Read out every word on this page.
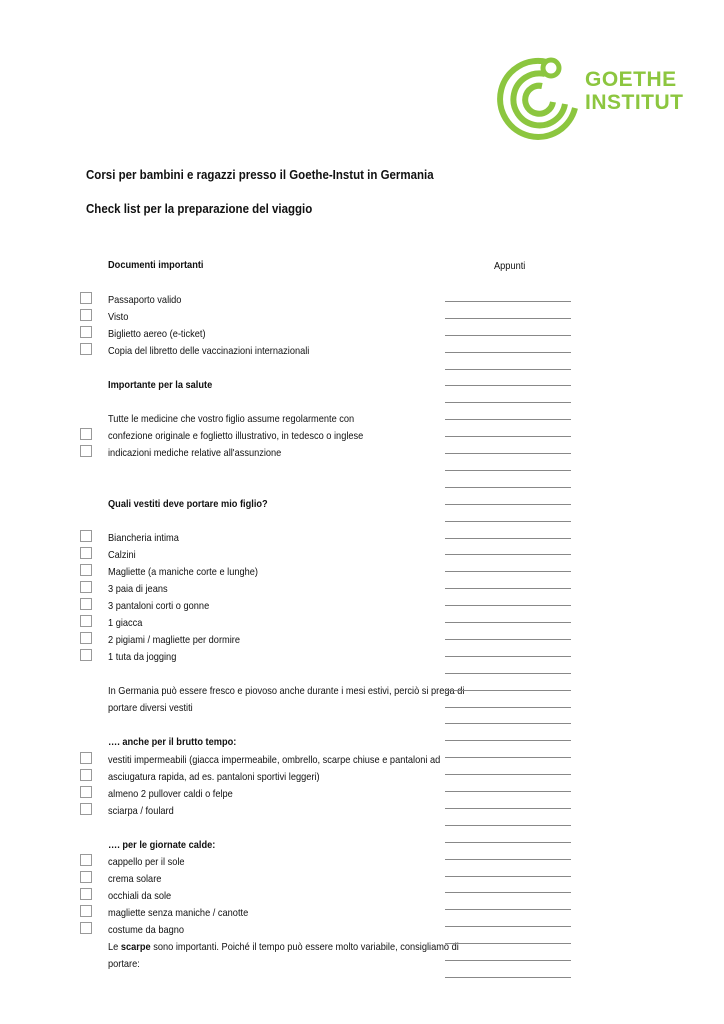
GOETHE
INSTITUT
Corsi per bambini e ragazzi presso il Goethe-Instut in Germania
Check list per la preparazione del viaggio
Appunti
Documenti importanti
Passaporto valido
Visto
Biglietto aereo (e-ticket)
Copia del libretto delle vaccinazioni internazionali
Importante per la salute
Tutte le medicine che vostro figlio assume regolarmente con
confezione originale e foglietto illustrativo, in tedesco o inglese
indicazioni mediche relative all'assunzione
Quali vestiti deve portare mio figlio?
Biancheria intima
Calzini
Magliette (a maniche corte e lunghe)
3 paia di jeans
3 pantaloni corti o gonne
1 giacca
2 pigiami / magliette per dormire
1 tuta da jogging
In Germania può essere fresco e piovoso anche durante i mesi estivi, perciò si prega di
portare diversi vestiti
…. anche per il brutto tempo:
vestiti impermeabili (giacca impermeabile, ombrello, scarpe chiuse e pantaloni ad
asciugatura rapida, ad es. pantaloni sportivi leggeri)
almeno 2 pullover caldi o felpe
sciarpa / foulard
…. per le giornate calde:
cappello per il sole
crema solare
occhiali da sole
magliette senza maniche / canotte
costume da bagno
Le scarpe sono importanti. Poiché il tempo può essere molto variabile, consigliamo di
portare:
